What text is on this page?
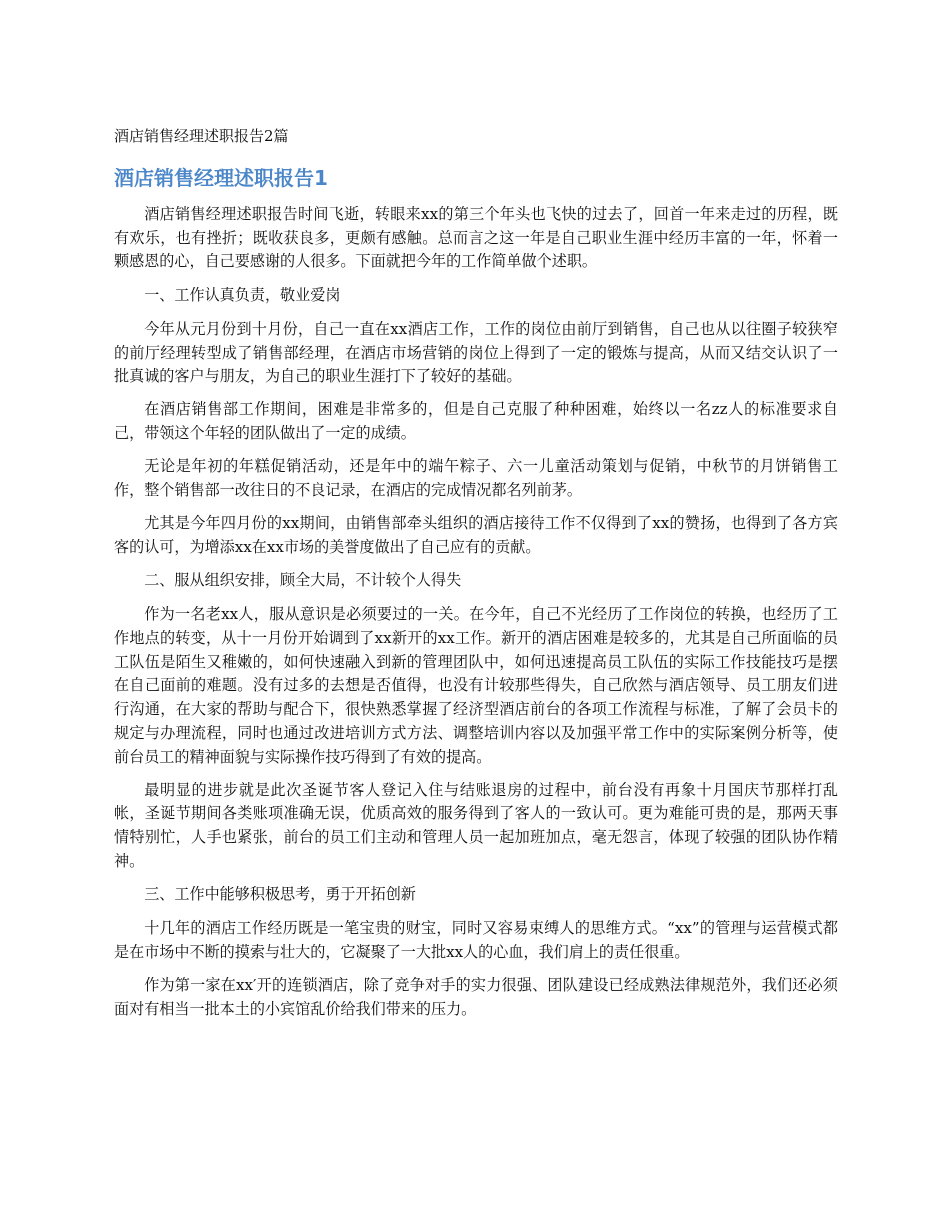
酒店销售经理述职报告2篇
酒店销售经理述职报告1

酒店销售经理述职报告时间飞逝，转眼来xx的第三个年头也飞快的过去了，回首一年来走过的历程，既有欢乐，也有挫折；既收获良多，更颇有感触。总而言之这一年是自己职业生涯中经历丰富的一年，怀着一颗感恩的心，自己要感谢的人很多。下面就把今年的工作简单做个述职。

一、工作认真负责，敬业爱岗

今年从元月份到十月份，自己一直在xx酒店工作，工作的岗位由前厅到销售，自己也从以往圈子较狭窄的前厅经理转型成了销售部经理，在酒店市场营销的岗位上得到了一定的锻炼与提高，从而又结交认识了一批真诚的客户与朋友，为自己的职业生涯打下了较好的基础。

在酒店销售部工作期间，困难是非常多的，但是自己克服了种种困难，始终以一名zz人的标准要求自己，带领这个年轻的团队做出了一定的成绩。

无论是年初的年糕促销活动，还是年中的端午粽子、六一儿童活动策划与促销，中秋节的月饼销售工作，整个销售部一改往日的不良记录，在酒店的完成情况都名列前茅。

尤其是今年四月份的xx期间，由销售部牵头组织的酒店接待工作不仅得到了xx的赞扬，也得到了各方宾客的认可，为增添xx在xx市场的美誉度做出了自己应有的贡献。

二、服从组织安排，顾全大局，不计较个人得失

作为一名老xx人，服从意识是必须要过的一关。在今年，自己不光经历了工作岗位的转换，也经历了工作地点的转变，从十一月份开始调到了xx新开的xx工作。新开的酒店困难是较多的，尤其是自己所面临的员工队伍是陌生又稚嫩的，如何快速融入到新的管理团队中，如何迅速提高员工队伍的实际工作技能技巧是摆在自己面前的难题。没有过多的去想是否值得，也没有计较那些得失，自己欣然与酒店领导、员工朋友们进行沟通，在大家的帮助与配合下，很快熟悉掌握了经济型酒店前台的各项工作流程与标准，了解了会员卡的规定与办理流程，同时也通过改进培训方式方法、调整培训内容以及加强平常工作中的实际案例分析等，使前台员工的精神面貌与实际操作技巧得到了有效的提高。

最明显的进步就是此次圣诞节客人登记入住与结账退房的过程中，前台没有再象十月国庆节那样打乱帐，圣诞节期间各类账项准确无误，优质高效的服务得到了客人的一致认可。更为难能可贵的是，那两天事情特别忙，人手也紧张，前台的员工们主动和管理人员一起加班加点，毫无怨言，体现了较强的团队协作精神。

三、工作中能够积极思考，勇于开拓创新

十几年的酒店工作经历既是一笔宝贵的财宝，同时又容易束缚人的思维方式。“xx”的管理与运营模式都是在市场中不断的摸索与壮大的，它凝聚了一大批xx人的心血，我们肩上的责任很重。

作为第一家在xx′开的连锁酒店，除了竞争对手的实力很强、团队建设已经成熟法律规范外，我们还必须面对有相当一批本土的小宾馆乱价给我们带来的压力。
